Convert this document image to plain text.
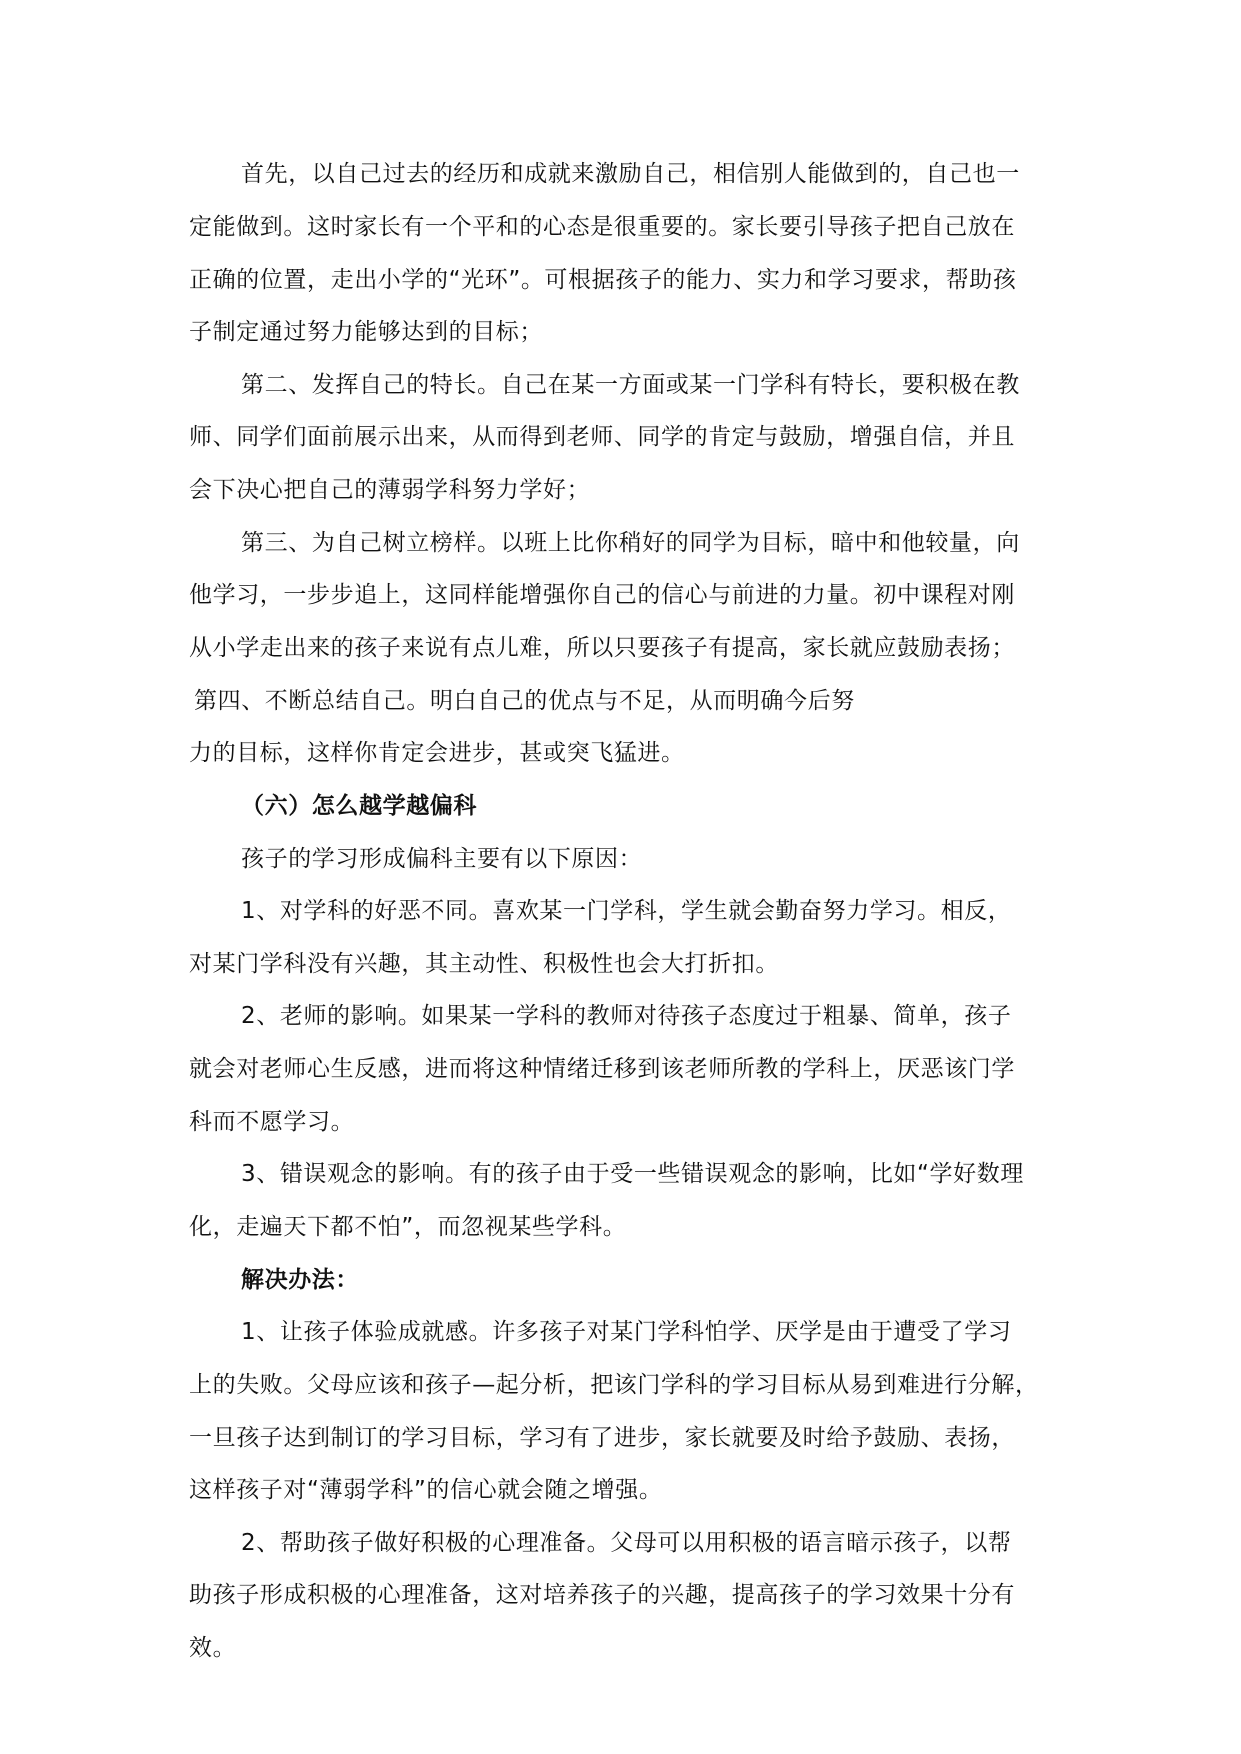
首先，以自己过去的经历和成就来激励自己，相信别人能做到的，自己也一
定能做到。这时家长有一个平和的心态是很重要的。家长要引导孩子把自己放在
正确的位置，走出小学的“光环”。可根据孩子的能力、实力和学习要求，帮助孩
子制定通过努力能够达到的目标；
第二、发挥自己的特长。自己在某一方面或某一门学科有特长，要积极在教
师、同学们面前展示出来，从而得到老师、同学的肯定与鼓励，增强自信，并且
会下决心把自己的薄弱学科努力学好；
第三、为自己树立榜样。以班上比你稍好的同学为目标，暗中和他较量，向
他学习，一步步追上，这同样能增强你自己的信心与前进的力量。初中课程对刚
从小学走出来的孩子来说有点儿难，所以只要孩子有提高，家长就应鼓励表扬；
第四、不断总结自己。明白自己的优点与不足，从而明确今后努
力的目标，这样你肯定会进步，甚或突飞猛进。
（六）怎么越学越偏科
孩子的学习形成偏科主要有以下原因：
1、对学科的好恶不同。喜欢某一门学科，学生就会勤奋努力学习。相反，
对某门学科没有兴趣，其主动性、积极性也会大打折扣。
2、老师的影响。如果某一学科的教师对待孩子态度过于粗暴、简单，孩子
就会对老师心生反感，进而将这种情绪迁移到该老师所教的学科上，厌恶该门学
科而不愿学习。
3、错误观念的影响。有的孩子由于受一些错误观念的影响，比如“学好数理
化，走遍天下都不怕”，而忽视某些学科。
解决办法：
1、让孩子体验成就感。许多孩子对某门学科怕学、厌学是由于遭受了学习
上的失败。父母应该和孩子—起分析，把该门学科的学习目标从易到难进行分解，
一旦孩子达到制订的学习目标，学习有了进步，家长就要及时给予鼓励、表扬，
这样孩子对“薄弱学科”的信心就会随之增强。
2、帮助孩子做好积极的心理准备。父母可以用积极的语言暗示孩子，以帮
助孩子形成积极的心理准备，这对培养孩子的兴趣，提高孩子的学习效果十分有
效。
